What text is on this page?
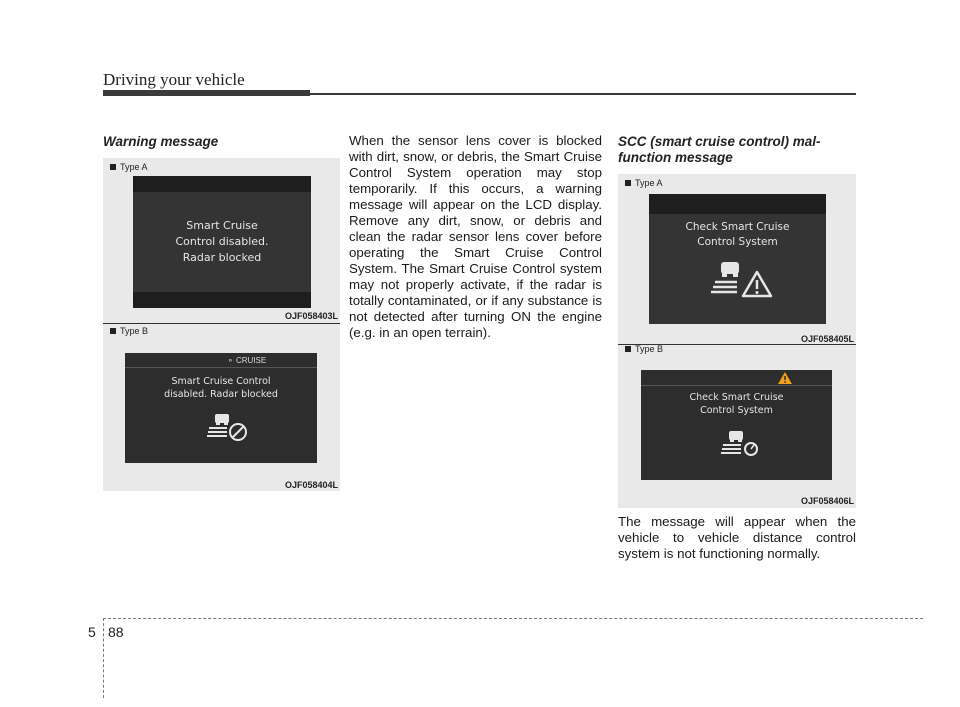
Driving your vehicle
Warning message
Type A
Smart Cruise
Control disabled.
Radar blocked
OJF058403L
Type B
⚬ CRUISE
Smart Cruise Control
disabled. Radar blocked
OJF058404L
When the sensor lens cover is blocked with dirt, snow, or debris, the Smart Cruise Control System operation may stop temporarily. If this occurs, a warning message will appear on the LCD display. Remove any dirt, snow, or debris and clean the radar sensor lens cover before operating the Smart Cruise Control System. The Smart Cruise Control system may not properly activate, if the radar is totally contaminated, or if any substance is not detected after turning ON the engine (e.g. in an open terrain).
SCC (smart cruise control) mal-
function message
Type A
Check Smart Cruise
Control System
OJF058405L
Type B
Check Smart Cruise
Control System
OJF058406L
The message will appear when the vehicle to vehicle distance control system is not functioning normally.
5 88
